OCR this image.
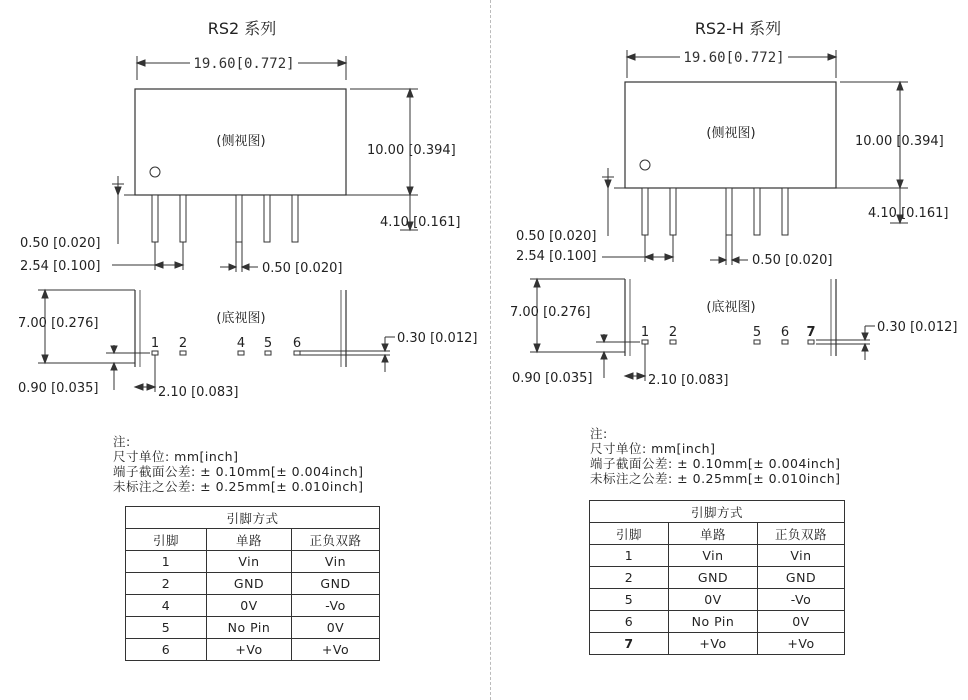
RS2 系列
19.60[0.772]
(侧视图)
10.00 [0.394]
4.10 [0.161]
0.50 [0.020]
2.54 [0.100]	0.50 [0.020]
(底视图)
1 2	4 5 6
7.00 [0.276]
0.30 [0.012]
0.90 [0.035]	2.10 [0.083]
注:
尺寸单位: mm[inch]
端子截面公差: ± 0.10mm[± 0.004inch]
未标注之公差: ± 0.25mm[± 0.010inch]
引脚方式		
引脚	单路	正负双路
1	Vin	Vin
2	GND	GND
4	0V	-Vo
5	No Pin	0V
6	+Vo	+Vo
RS2-H 系列
19.60[0.772]
(侧视图)
10.00 [0.394]
4.10 [0.161]
0.50 [0.020]
2.54 [0.100]	0.50 [0.020]
(底视图)
1 2	5 6 7
7.00 [0.276]
0.30 [0.012]
0.90 [0.035]	2.10 [0.083]
注:
尺寸单位: mm[inch]
端子截面公差: ± 0.10mm[± 0.004inch]
未标注之公差: ± 0.25mm[± 0.010inch]
引脚方式		
引脚	单路	正负双路
1	Vin	Vin
2	GND	GND
5	0V	-Vo
6	No Pin	0V
7	+Vo	+Vo
